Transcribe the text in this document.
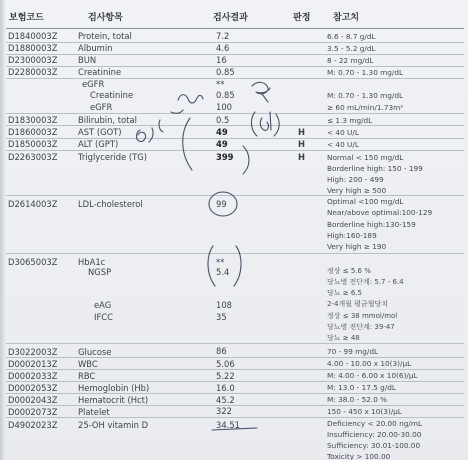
보험코드	검사항목	검사결과	판정	참고치
D1840003Z Protein, total	7.2	6.6 - 8.7 g/dL
D1880003Z Albumin	4.6	3.5 - 5.2 g/dL
D2300003Z BUN	16	8 - 22 mg/dL
D2280003Z Creatinine	0.85	M: 0.70 - 1.30 mg/dL
eGFR	**
Creatinine	0.85	M: 0.70 - 1.30 mg/dL
eGFR	100	≥ 60 mL/min/1.73m²
D1830003Z Bilirubin, total	0.5	≤ 1.3 mg/dL
D1860003Z AST (GOT)	49	H	< 40 U/L
D1850003Z ALT (GPT)	49	H	< 40 U/L
D2263003Z Triglyceride (TG)	399	H	Normal < 150 mg/dL
Borderline high: 150 - 199
High: 200 - 499
Very high ≥ 500
D2614003Z LDL-cholesterol	99	Optimal <100 mg/dL
Near/above optimal:100-129
Borderline high:130-159
High:160-189
Very high ≥ 190
D3065003Z HbA1c	**
NGSP	5.4	정상 ≤ 5.6 %
당뇨병 전단계: 5.7 - 6.4
당뇨 ≥ 6.5
eAG	108	2-4개월 평균혈당치
IFCC	35	정상 ≤ 38 mmol/mol
당뇨병 전단계: 39-47
당뇨 ≥ 48
D3022003Z Glucose	86	70 - 99 mg/dL
D0002013Z WBC	5.06	4.00 - 10.00 x 10(3)/μL
D0002033Z RBC	5.22	M: 4.00 - 6.00 x 10(6)/μL
D0002053Z Hemoglobin (Hb)	16.0	M: 13.0 - 17.5 g/dL
D0002043Z Hematocrit (Hct)	45.2	M: 38.0 - 52.0 %
D0002073Z Platelet	322	150 - 450 x 10(3)/μL
D4902023Z 25-OH vitamin D	34.51	Deficiency < 20.00 ng/mL
Insufficiency: 20.00-30.00
Sufficiency: 30.01-100.00
Toxicity > 100.00
